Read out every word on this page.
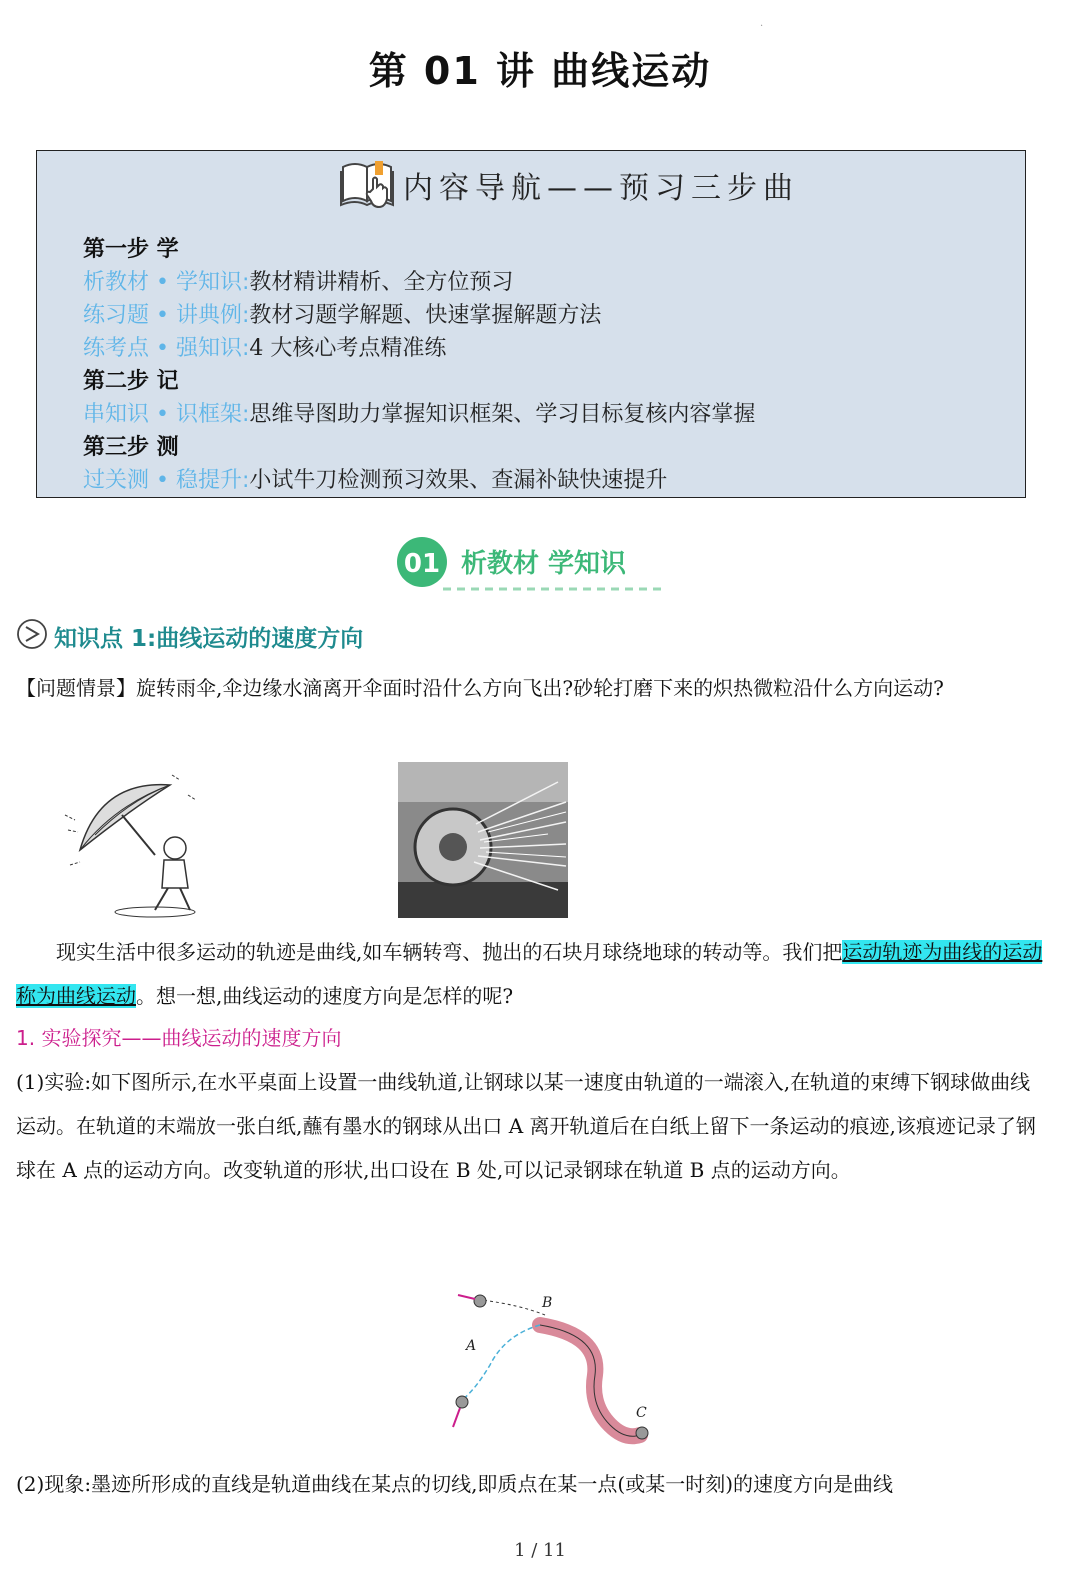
.
第 01 讲 曲线运动
内容导航——预习三步曲
第一步 学
析教材 • 学知识:教材精讲精析、全方位预习
练习题 • 讲典例:教材习题学解题、快速掌握解题方法
练考点 • 强知识:4 大核心考点精准练
第二步 记
串知识 • 识框架:思维导图助力掌握知识框架、学习目标复核内容掌握
第三步 测
过关测 • 稳提升:小试牛刀检测预习效果、查漏补缺快速提升
01 析教材 学知识
知识点 1:曲线运动的速度方向
【问题情景】旋转雨伞,伞边缘水滴离开伞面时沿什么方向飞出?砂轮打磨下来的炽热微粒沿什么方向运动?
现实生活中很多运动的轨迹是曲线,如车辆转弯、抛出的石块月球绕地球的转动等。我们把运动轨迹为曲线的运动称为曲线运动。想一想,曲线运动的速度方向是怎样的呢?
1. 实验探究——曲线运动的速度方向
(1)实验:如下图所示,在水平桌面上设置一曲线轨道,让钢球以某一速度由轨道的一端滚入,在轨道的束缚下钢球做曲线运动。在轨道的末端放一张白纸,蘸有墨水的钢球从出口 A 离开轨道后在白纸上留下一条运动的痕迹,该痕迹记录了钢球在 A 点的运动方向。改变轨道的形状,出口设在 B 处,可以记录钢球在轨道 B 点的运动方向。
B
A
C
(2)现象:墨迹所形成的直线是轨道曲线在某点的切线,即质点在某一点(或某一时刻)的速度方向是曲线
1 / 11
